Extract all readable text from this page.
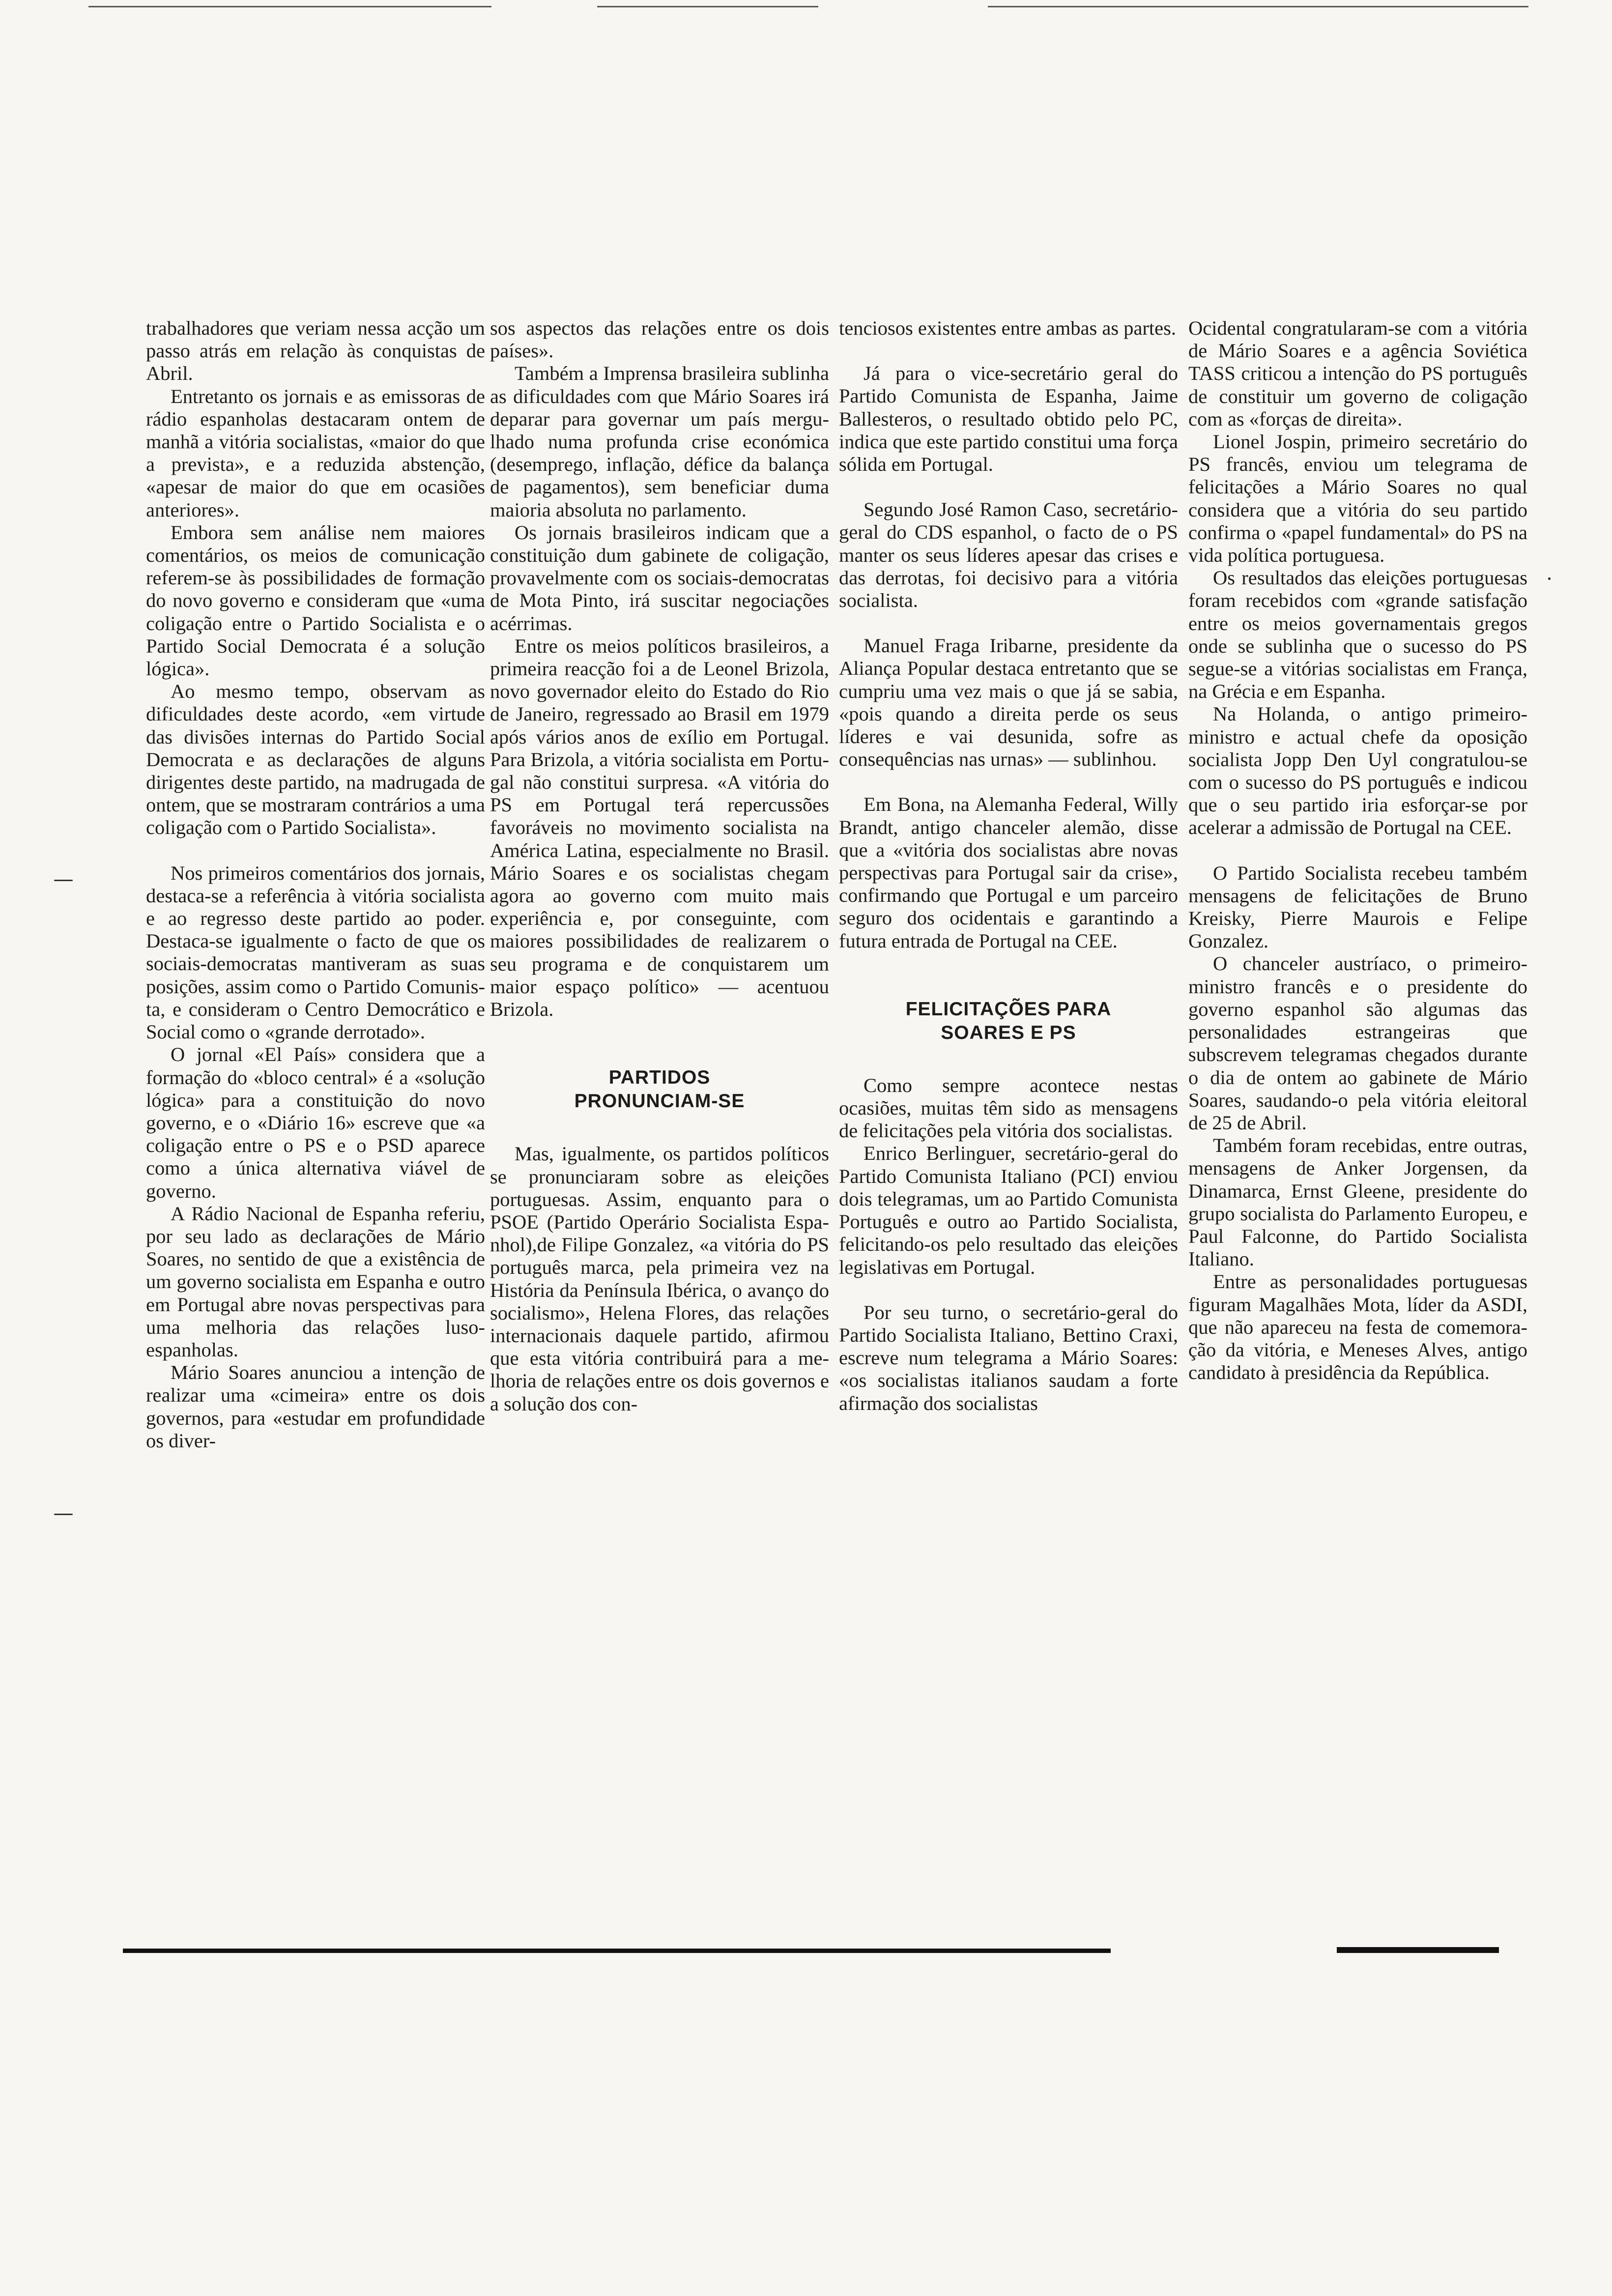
trabalhadores que veriam nessa acção um passo atrás em relação às conquistas de Abril.

Entretanto os jornais e as emissoras de rádio espanholas destacaram ontem de manhã a vitória socialistas, «maior do que a prevista», e a reduzida abstenção, «apesar de maior do que em ocasiões anteriores».

Embora sem análise nem maiores comentários, os meios de comunicação referem-se às possibilidades de formação do novo governo e consideram que «uma coligação entre o Partido Socialista e o Partido Social Democrata é a solução lógica».

Ao mesmo tempo, observam as dificuldades deste acordo, «em virtude das divisões internas do Partido Social Democrata e as declarações de alguns dirigentes deste partido, na madrugada de ontem, que se mostraram contrários a uma coligação com o Partido Socialista».

Nos primeiros comentários dos jornais, destaca-se a referência à vitória socialista e ao regresso deste partido ao poder. Destaca-se igualmente o facto de que os sociais-democratas mantiveram as suas posições, assim como o Partido Comunista, e consideram o Centro Democrático e Social como o «grande derrotado».

O jornal «El País» considera que a formação do «bloco central» é a «solução lógica» para a constituição do novo governo, e o «Diário 16» escreve que «a coligação entre o PS e o PSD aparece como a única alternativa viável de governo.

A Rádio Nacional de Espanha referiu, por seu lado as declarações de Mário Soares, no sentido de que a existência de um governo socialista em Espanha e outro em Portugal abre novas perspectivas para uma melhoria das relações luso-espanholas.

Mário Soares anunciou a intenção de realizar uma «cimeira» entre os dois governos, para «estudar em profundidade os diver-

sos aspectos das relações entre os dois países».

Também a Imprensa brasileira sublinha as dificuldades com que Mário Soares irá deparar para governar um país mergulhado numa profunda crise económica (desemprego, inflação, défice da balança de pagamentos), sem beneficiar duma maioria absoluta no parlamento.

Os jornais brasileiros indicam que a constituição dum gabinete de coligação, provavelmente com os sociais-democratas de Mota Pinto, irá suscitar negociações acérrimas.

Entre os meios políticos brasileiros, a primeira reacção foi a de Leonel Brizola, novo governador eleito do Estado do Rio de Janeiro, regressado ao Brasil em 1979 após vários anos de exílio em Portugal. Para Brizola, a vitória socialista em Portugal não constitui surpresa. «A vitória do PS em Portugal terá repercussões favoráveis no movimento socialista na América Latina, especialmente no Brasil. Mário Soares e os socialistas chegam agora ao governo com muito mais experiência e, por conseguinte, com maiores possibilidades de realizarem o seu programa e de conquistarem um maior espaço político» — acentuou Brizola.

PARTIDOS
PRONUNCIAM-SE

Mas, igualmente, os partidos políticos se pronunciaram sobre as eleições portuguesas. Assim, enquanto para o PSOE (Partido Operário Socialista Espanhol),de Filipe Gonzalez, «a vitória do PS português marca, pela primeira vez na História da Península Ibérica, o avanço do socialismo», Helena Flores, das relações internacionais daquele partido, afirmou que esta vitória contribuirá para a melhoria de relações entre os dois governos e a solução dos con-

tenciosos existentes entre ambas as partes.

Já para o vice-secretário geral do Partido Comunista de Espanha, Jaime Ballesteros, o resultado obtido pelo PC, indica que este partido constitui uma força sólida em Portugal.

Segundo José Ramon Caso, secretário-geral do CDS espanhol, o facto de o PS manter os seus líderes apesar das crises e das derrotas, foi decisivo para a vitória socialista.

Manuel Fraga Iribarne, presidente da Aliança Popular destaca entretanto que se cumpriu uma vez mais o que já se sabia, «pois quando a direita perde os seus líderes e vai desunida, sofre as consequências nas urnas» — sublinhou.

Em Bona, na Alemanha Federal, Willy Brandt, antigo chanceler alemão, disse que a «vitória dos socialistas abre novas perspectivas para Portugal sair da crise», confirmando que Portugal e um parceiro seguro dos ocidentais e garantindo a futura entrada de Portugal na CEE.

FELICITAÇÕES PARA
SOARES E PS

Como sempre acontece nestas ocasiões, muitas têm sido as mensagens de felicitações pela vitória dos socialistas.

Enrico Berlinguer, secretário-geral do Partido Comunista Italiano (PCI) enviou dois telegramas, um ao Partido Comunista Português e outro ao Partido Socialista, felicitando-os pelo resultado das eleições legislativas em Portugal.

Por seu turno, o secretário-geral do Partido Socialista Italiano, Bettino Craxi, escreve num telegrama a Mário Soares: «os socialistas italianos saudam a forte afirmação dos socialistas

Ocidental congratularam-se com a vitória de Mário Soares e a agência Soviética TASS criticou a intenção do PS português de constituir um governo de coligação com as «forças de direita».

Lionel Jospin, primeiro secretário do PS francês, enviou um telegrama de felicitações a Mário Soares no qual considera que a vitória do seu partido confirma o «papel fundamental» do PS na vida política portuguesa.

Os resultados das eleições portuguesas foram recebidos com «grande satisfação entre os meios governamentais gregos onde se sublinha que o sucesso do PS segue-se a vitórias socialistas em França, na Grécia e em Espanha.

Na Holanda, o antigo primeiro-ministro e actual chefe da oposição socialista Jopp Den Uyl congratulou-se com o sucesso do PS português e indicou que o seu partido iria esforçar-se por acelerar a admissão de Portugal na CEE.

O Partido Socialista recebeu também mensagens de felicitações de Bruno Kreisky, Pierre Maurois e Felipe Gonzalez.

O chanceler austríaco, o primeiro-ministro francês e o presidente do governo espanhol são algumas das personalidades estrangeiras que subscrevem telegramas chegados durante o dia de ontem ao gabinete de Mário Soares, saudando-o pela vitória eleitoral de 25 de Abril.

Também foram recebidas, entre outras, mensagens de Anker Jorgensen, da Dinamarca, Ernst Gleene, presidente do grupo socialista do Parlamento Europeu, e Paul Falconne, do Partido Socialista Italiano.

Entre as personalidades portuguesas figuram Magalhães Mota, líder da ASDI, que não apareceu na festa de comemoração da vitória, e Meneses Alves, antigo candidato à presidência da República.
